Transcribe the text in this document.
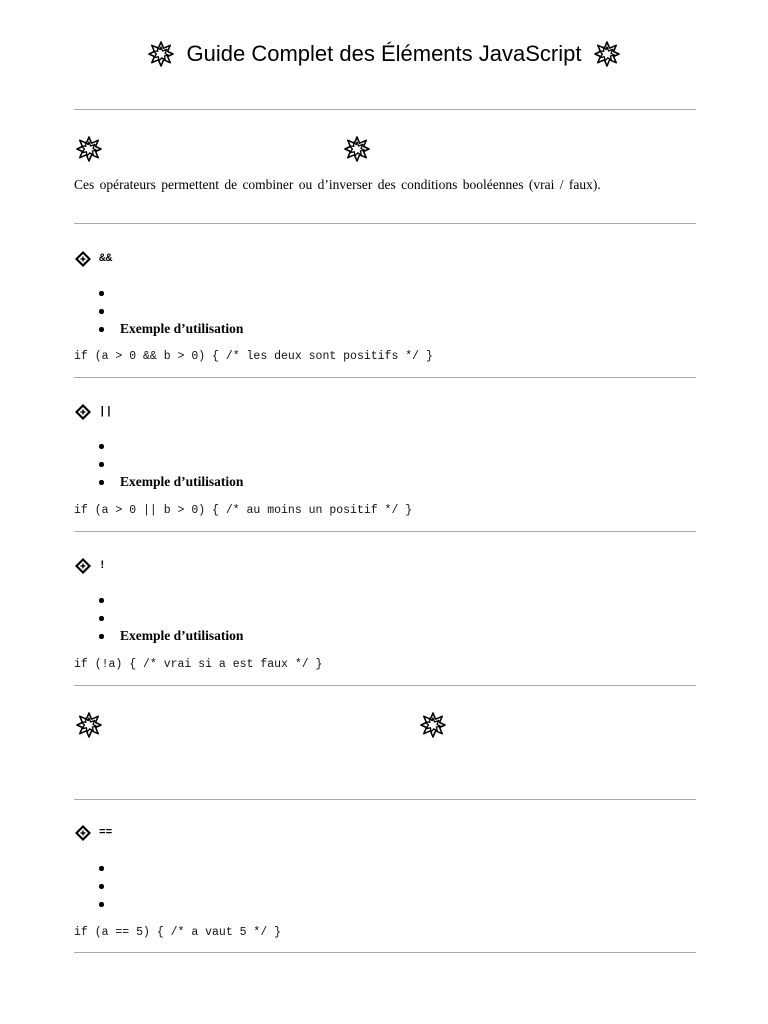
Guide Complet des Éléments JavaScript
Ces opérateurs permettent de combiner ou d’inverser des conditions booléennes (vrai / faux).
&&
Exemple d’utilisation
if (a > 0 && b > 0) { /* les deux sont positifs */ }
||
Exemple d’utilisation
if (a > 0 || b > 0) { /* au moins un positif */ }
!
Exemple d’utilisation
if (!a) { /* vrai si a est faux */ }
==
if (a == 5) { /* a vaut 5 */ }
